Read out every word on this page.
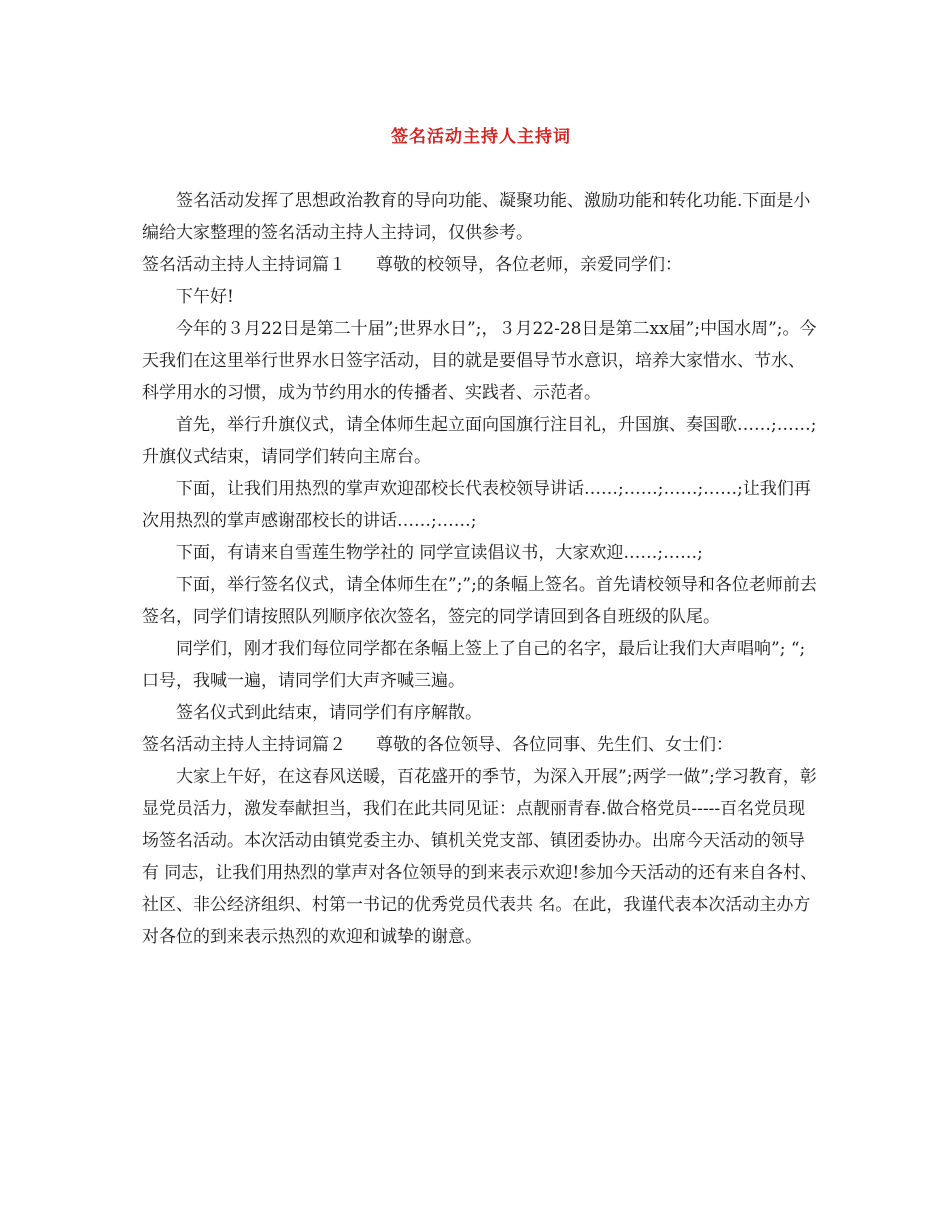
签名活动主持人主持词

签名活动发挥了思想政治教育的导向功能、凝聚功能、激励功能和转化功能.下面是小编给大家整理的签名活动主持人主持词，仅供参考。

签名活动主持人主持词篇１ 尊敬的校领导，各位老师，亲爱同学们：

下午好!

今年的３月22日是第二十届”;世界水日”;，３月22-28日是第二xx届”;中国水周”;。今天我们在这里举行世界水日签字活动，目的就是要倡导节水意识，培养大家惜水、节水、科学用水的习惯，成为节约用水的传播者、实践者、示范者。

首先，举行升旗仪式，请全体师生起立面向国旗行注目礼，升国旗、奏国歌……;……;升旗仪式结束，请同学们转向主席台。

下面，让我们用热烈的掌声欢迎邵校长代表校领导讲话……;……;……;……;让我们再次用热烈的掌声感谢邵校长的讲话……;……;

下面，有请来自雪莲生物学社的 同学宣读倡议书，大家欢迎……;……;

下面，举行签名仪式，请全体师生在”;”;的条幅上签名。首先请校领导和各位老师前去签名，同学们请按照队列顺序依次签名，签完的同学请回到各自班级的队尾。

同学们，刚才我们每位同学都在条幅上签上了自己的名字，最后让我们大声唱响”; “;口号，我喊一遍，请同学们大声齐喊三遍。

签名仪式到此结束，请同学们有序解散。

签名活动主持人主持词篇２ 尊敬的各位领导、各位同事、先生们、女士们：

大家上午好，在这春风送暖，百花盛开的季节，为深入开展”;两学一做”;学习教育，彰显党员活力，激发奉献担当，我们在此共同见证：点靓丽青春.做合格党员-----百名党员现场签名活动。本次活动由镇党委主办、镇机关党支部、镇团委协办。出席今天活动的领导有 同志，让我们用热烈的掌声对各位领导的到来表示欢迎!参加今天活动的还有来自各村、社区、非公经济组织、村第一书记的优秀党员代表共 名。在此，我谨代表本次活动主办方对各位的到来表示热烈的欢迎和诚挚的谢意。
